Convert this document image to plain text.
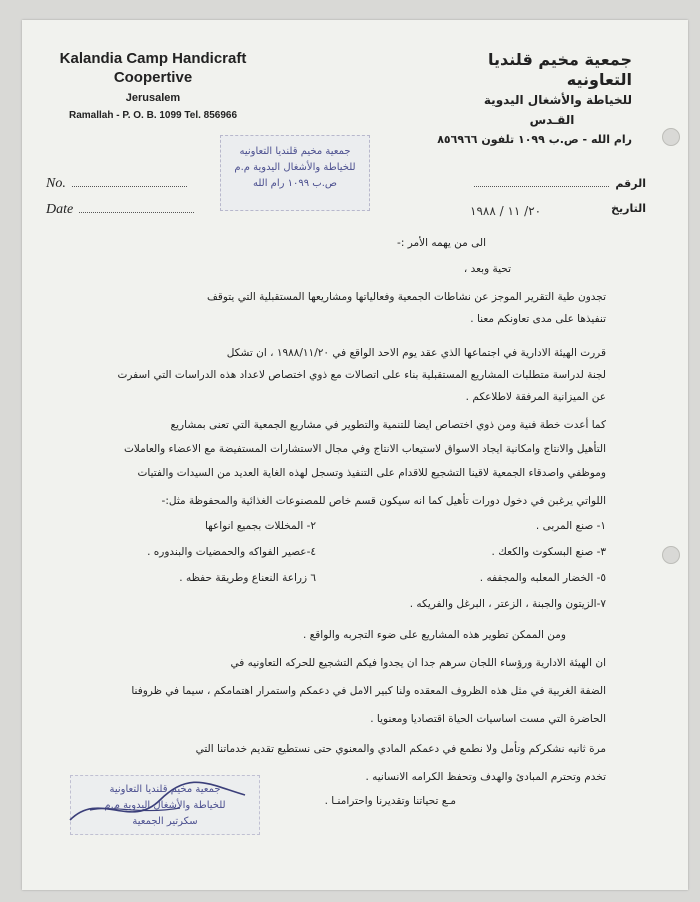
Kalandia Camp Handicraft
Coopertive
Jerusalem
Ramallah - P. O. B. 1099 Tel. 856966
جمعية مخيم قلنديا التعاونيه
للخياطة والأشغال اليدوية
القـدس
رام الله - ص.ب ١٠٩٩ تلفون ٨٥٦٩٦٦
No.
Date
الرقم
التاريخ
٢٠/ ١١ / ١٩٨٨
جمعية مخيم قلنديا التعاونيه
للخياطة والأشغال اليدوية م.م
ص.ب ١٠٩٩ رام الله
الى من يهمه الأمر :-
تحية وبعد ،
تجدون طية التقرير الموجز عن نشاطات الجمعية وفعالياتها ومشاريعها المستقبلية التي يتوقف
تنفيذها على مدى تعاونكم معنا .
قررت الهيئة الادارية في اجتماعها الذي عقد يوم الاحد الواقع في ١٩٨٨/١١/٢٠ ، ان تشكل
لجنة لدراسة متطلبات المشاريع المستقبلية بناء على اتصالات مع ذوي اختصاص لاعداد هذه الدراسات التي اسفرت
عن الميزانية المرفقة لاطلاعكم .
كما أعدت خطة فنية ومن ذوي اختصاص ايضا للتنمية والتطوير في مشاريع الجمعية التي تعنى بمشاريع
التأهيل والانتاج وامكانية ايجاد الاسواق لاستيعاب الانتاج وفي مجال الاستشارات المستفيضة مع الاعضاء والعاملات
وموظفي واصدقاء الجمعية لاقينا التشجيع للاقدام على التنفيذ وتسجل لهذه الغاية العديد من السيدات والفتيات
اللواتي يرغبن في دخول دورات تأهيل كما انه سيكون قسم خاص للمصنوعات الغذائية والمحفوظة مثل:-
١- صنع المربى .
٢- المخللات بجميع انواعها
٣- صنع البسكوت والكعك .
٤-عصير الفواكه والحمضيات والبندوره .
٥- الخضار المعلبه والمجففه .
٦ زراعة النعناع وطريقة حفظه .
٧-الزيتون والجبنة ، الزعتر ، البرغل والفريكه .
ومن الممكن تطوير هذه المشاريع على ضوء التجربه والواقع .
ان الهيئة الادارية ورؤساء اللجان سرهم جدا ان يجدوا فيكم التشجيع للحركه التعاونيه في
الضفة الغربية في مثل هذه الظروف المعقده ولنا كبير الامل في دعمكم واستمرار اهتمامكم ، سيما في ظروفنا
الحاضرة التي مست اساسيات الحياة اقتصاديا ومعنويا .
مرة ثانيه نشكركم وتأمل ولا نطمع في دعمكم المادي والمعنوي حتى نستطيع تقديم خدماتنا التي
تخدم وتحترم المبادئ والهدف وتحفظ الكرامه الانسانيه .
مـع تحياتنا وتقديرنا واحترامنـا .
جمعية مخيم قلنديا التعاونية
للخياطة والأشغال اليدوية م.م
سكرتير الجمعية
